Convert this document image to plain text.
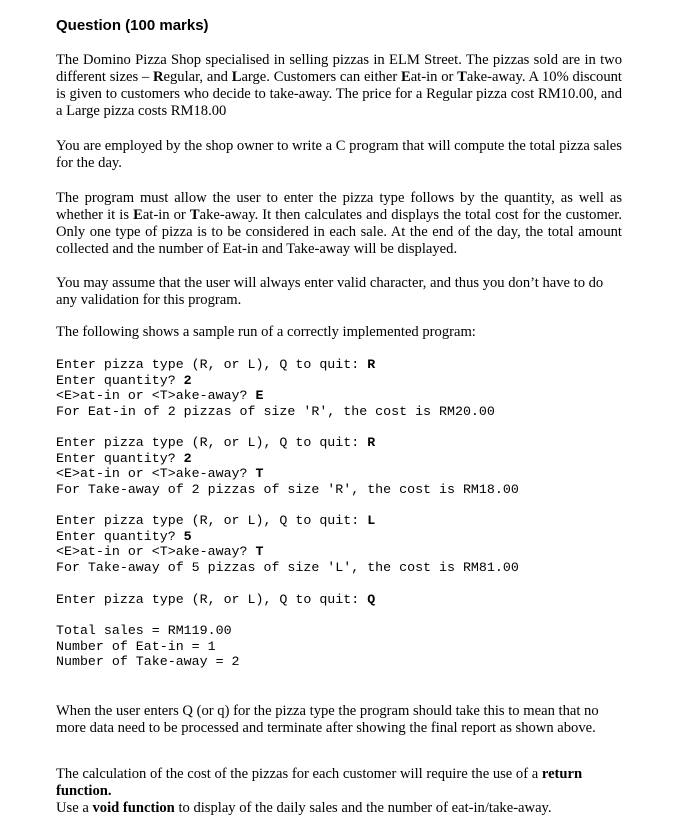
Question (100 marks)

The Domino Pizza Shop specialised in selling pizzas in ELM Street. The pizzas sold are in two different sizes – Regular, and Large. Customers can either Eat-in or Take-away. A 10% discount is given to customers who decide to take-away. The price for a Regular pizza cost RM10.00, and a Large pizza costs RM18.00

You are employed by the shop owner to write a C program that will compute the total pizza sales for the day.

The program must allow the user to enter the pizza type follows by the quantity, as well as whether it is Eat-in or Take-away. It then calculates and displays the total cost for the customer. Only one type of pizza is to be considered in each sale. At the end of the day, the total amount collected and the number of Eat-in and Take-away will be displayed.

You may assume that the user will always enter valid character, and thus you don’t have to do any validation for this program.

The following shows a sample run of a correctly implemented program:

Enter pizza type (R, or L), Q to quit: R
Enter quantity? 2
<E>at-in or <T>ake-away? E
For Eat-in of 2 pizzas of size 'R', the cost is RM20.00
Enter pizza type (R, or L), Q to quit: R
Enter quantity? 2
<E>at-in or <T>ake-away? T
For Take-away of 2 pizzas of size 'R', the cost is RM18.00
Enter pizza type (R, or L), Q to quit: L
Enter quantity? 5
<E>at-in or <T>ake-away? T
For Take-away of 5 pizzas of size 'L', the cost is RM81.00
Enter pizza type (R, or L), Q to quit: Q
Total sales = RM119.00
Number of Eat-in = 1
Number of Take-away = 2

When the user enters Q (or q) for the pizza type the program should take this to mean that no more data need to be processed and terminate after showing the final report as shown above.

The calculation of the cost of the pizzas for each customer will require the use of a return function.
Use a void function to display of the daily sales and the number of eat-in/take-away.
